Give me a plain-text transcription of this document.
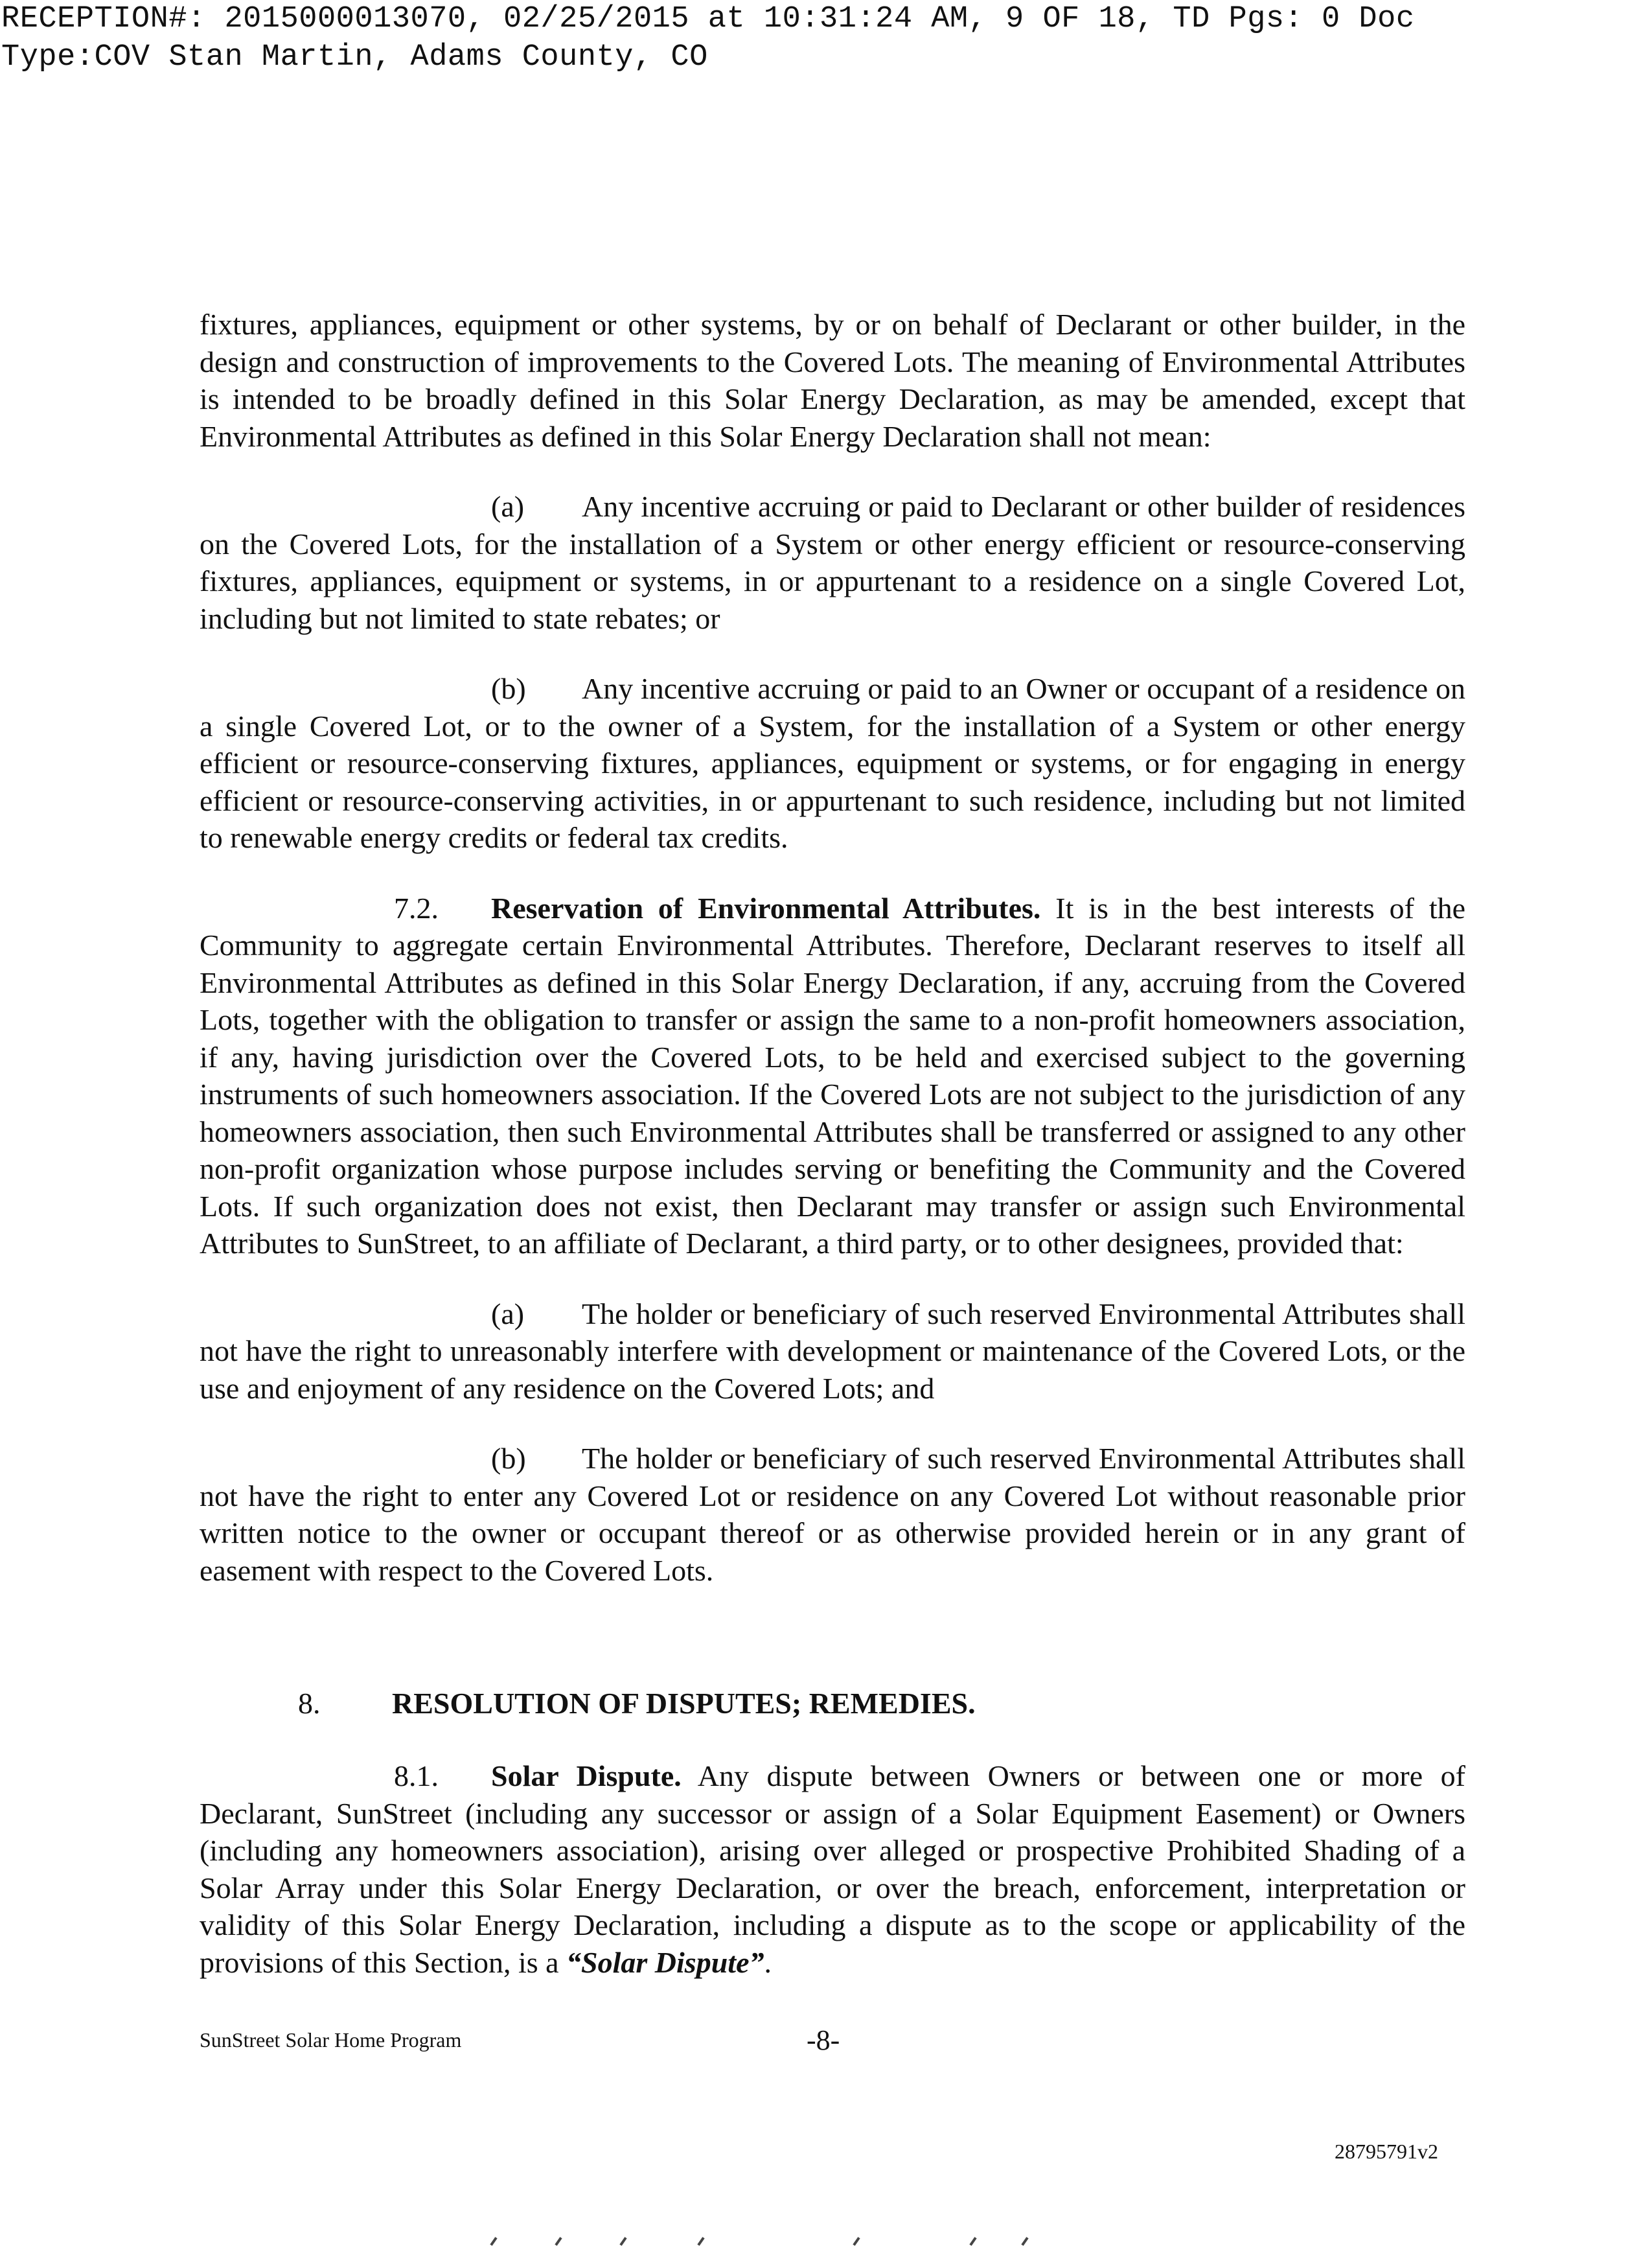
RECEPTION#: 2015000013070, 02/25/2015 at 10:31:24 AM, 9 OF 18, TD Pgs: 0 Doc
Type:COV Stan Martin, Adams County, CO

fixtures, appliances, equipment or other systems, by or on behalf of Declarant or other builder, in the design and construction of improvements to the Covered Lots. The meaning of Environmental Attributes is intended to be broadly defined in this Solar Energy Declaration, as may be amended, except that Environmental Attributes as defined in this Solar Energy Declaration shall not mean:

(a) Any incentive accruing or paid to Declarant or other builder of residences on the Covered Lots, for the installation of a System or other energy efficient or resource-conserving fixtures, appliances, equipment or systems, in or appurtenant to a residence on a single Covered Lot, including but not limited to state rebates; or

(b) Any incentive accruing or paid to an Owner or occupant of a residence on a single Covered Lot, or to the owner of a System, for the installation of a System or other energy efficient or resource-conserving fixtures, appliances, equipment or systems, or for engaging in energy efficient or resource-conserving activities, in or appurtenant to such residence, including but not limited to renewable energy credits or federal tax credits.

7.2. Reservation of Environmental Attributes. It is in the best interests of the Community to aggregate certain Environmental Attributes. Therefore, Declarant reserves to itself all Environmental Attributes as defined in this Solar Energy Declaration, if any, accruing from the Covered Lots, together with the obligation to transfer or assign the same to a non-profit homeowners association, if any, having jurisdiction over the Covered Lots, to be held and exercised subject to the governing instruments of such homeowners association. If the Covered Lots are not subject to the jurisdiction of any homeowners association, then such Environmental Attributes shall be transferred or assigned to any other non-profit organization whose purpose includes serving or benefiting the Community and the Covered Lots. If such organization does not exist, then Declarant may transfer or assign such Environmental Attributes to SunStreet, to an affiliate of Declarant, a third party, or to other designees, provided that:

(a) The holder or beneficiary of such reserved Environmental Attributes shall not have the right to unreasonably interfere with development or maintenance of the Covered Lots, or the use and enjoyment of any residence on the Covered Lots; and

(b) The holder or beneficiary of such reserved Environmental Attributes shall not have the right to enter any Covered Lot or residence on any Covered Lot without reasonable prior written notice to the owner or occupant thereof or as otherwise provided herein or in any grant of easement with respect to the Covered Lots.

8. RESOLUTION OF DISPUTES; REMEDIES.

8.1. Solar Dispute. Any dispute between Owners or between one or more of Declarant, SunStreet (including any successor or assign of a Solar Equipment Easement) or Owners (including any homeowners association), arising over alleged or prospective Prohibited Shading of a Solar Array under this Solar Energy Declaration, or over the breach, enforcement, interpretation or validity of this Solar Energy Declaration, including a dispute as to the scope or applicability of the provisions of this Section, is a “Solar Dispute”.

SunStreet Solar Home Program	-8-
28795791v2
